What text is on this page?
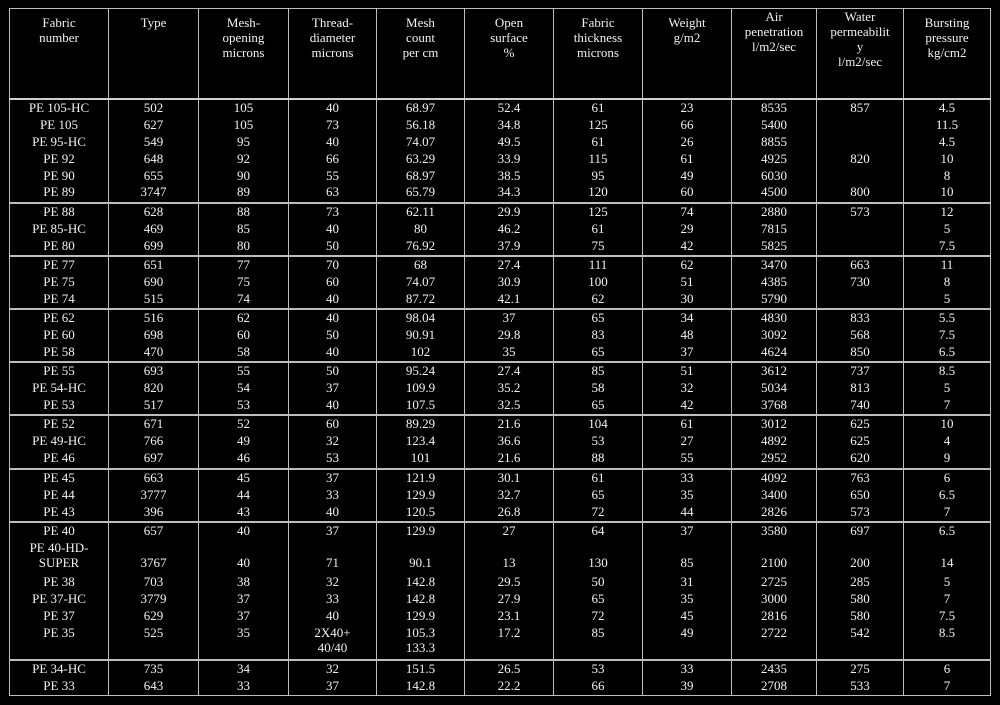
Fabric
number	Type	Mesh-
opening
microns	Thread-
diameter
microns	Mesh
count
per cm	Open
surface
%	Fabric
thickness
microns	Weight
g/m2	Air
penetration
l/m2/sec	Water
permeabilit
y
l/m2/sec	Bursting
pressure
kg/cm2
PE 105-HC	502	105	40	68.97	52.4	61	23	8535	857	4.5
PE 105	627	105	73	56.18	34.8	125	66	5400		11.5
PE 95-HC	549	95	40	74.07	49.5	61	26	8855		4.5
PE 92	648	92	66	63.29	33.9	115	61	4925	820	10
PE 90	655	90	55	68.97	38.5	95	49	6030		8
PE 89	3747	89	63	65.79	34.3	120	60	4500	800	10
PE 88	628	88	73	62.11	29.9	125	74	2880	573	12
PE 85-HC	469	85	40	80	46.2	61	29	7815		5
PE 80	699	80	50	76.92	37.9	75	42	5825		7.5
PE 77	651	77	70	68	27.4	111	62	3470	663	11
PE 75	690	75	60	74.07	30.9	100	51	4385	730	8
PE 74	515	74	40	87.72	42.1	62	30	5790		5
PE 62	516	62	40	98.04	37	65	34	4830	833	5.5
PE 60	698	60	50	90.91	29.8	83	48	3092	568	7.5
PE 58	470	58	40	102	35	65	37	4624	850	6.5
PE 55	693	55	50	95.24	27.4	85	51	3612	737	8.5
PE 54-HC	820	54	37	109.9	35.2	58	32	5034	813	5
PE 53	517	53	40	107.5	32.5	65	42	3768	740	7
PE 52	671	52	60	89.29	21.6	104	61	3012	625	10
PE 49-HC	766	49	32	123.4	36.6	53	27	4892	625	4
PE 46	697	46	53	101	21.6	88	55	2952	620	9
PE 45	663	45	37	121.9	30.1	61	33	4092	763	6
PE 44	3777	44	33	129.9	32.7	65	35	3400	650	6.5
PE 43	396	43	40	120.5	26.8	72	44	2826	573	7
PE 40	657	40	37	129.9	27	64	37	3580	697	6.5
PE 40-HD-
SUPER	3767	40	71	90.1	13	130	85	2100	200	14
PE 38	703	38	32	142.8	29.5	50	31	2725	285	5
PE 37-HC	3779	37	33	142.8	27.9	65	35	3000	580	7
PE 37	629	37	40	129.9	23.1	72	45	2816	580	7.5
PE 35	525	35	2X40+
40/40	105.3
133.3	17.2	85	49	2722	542	8.5
PE 34-HC	735	34	32	151.5	26.5	53	33	2435	275	6
PE 33	643	33	37	142.8	22.2	66	39	2708	533	7
